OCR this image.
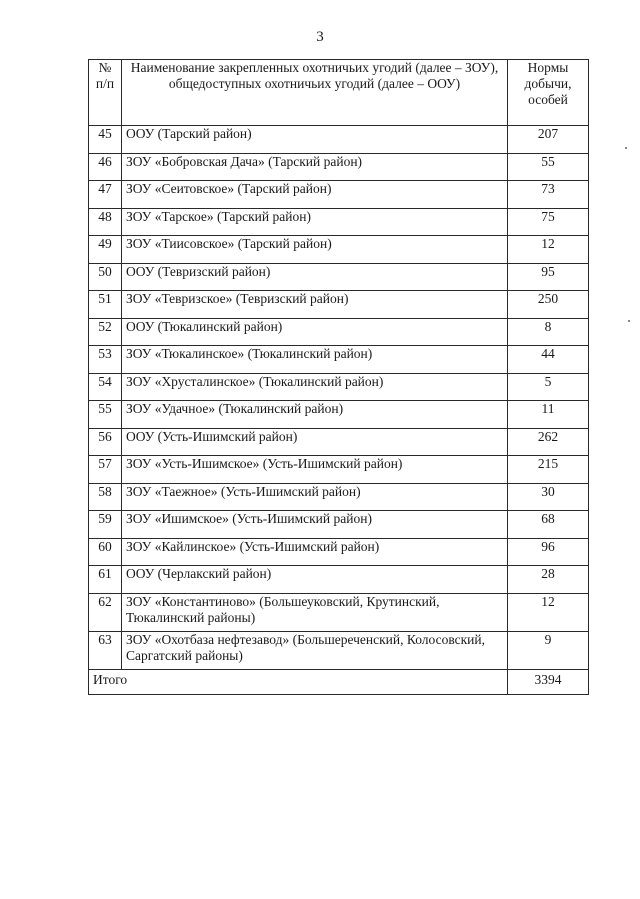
3
№ п/п	Наименование закрепленных охотничьих угодий (далее – ЗОУ), общедоступных охотничьих угодий (далее – ООУ)	Нормы добычи, особей
45	ООУ (Тарский район)	207
46	ЗОУ «Бобровская Дача» (Тарский район)	55
47	ЗОУ «Сеитовское» (Тарский район)	73
48	ЗОУ «Тарское» (Тарский район)	75
49	ЗОУ «Тиисовское» (Тарский район)	12
50	ООУ (Тевризский район)	95
51	ЗОУ «Тевризское» (Тевризский район)	250
52	ООУ (Тюкалинский район)	8
53	ЗОУ «Тюкалинское» (Тюкалинский район)	44
54	ЗОУ «Хрусталинское» (Тюкалинский район)	5
55	ЗОУ «Удачное» (Тюкалинский район)	11
56	ООУ (Усть-Ишимский район)	262
57	ЗОУ «Усть-Ишимское» (Усть-Ишимский район)	215
58	ЗОУ «Таежное» (Усть-Ишимский район)	30
59	ЗОУ «Ишимское» (Усть-Ишимский район)	68
60	ЗОУ «Кайлинское» (Усть-Ишимский район)	96
61	ООУ (Черлакский район)	28
62	ЗОУ «Константиново» (Большеуковский, Крутинский, Тюкалинский районы)	12
63	ЗОУ «Охотбаза нефтезавод» (Большереченский, Колосовский, Саргатский районы)	9
Итого		3394
